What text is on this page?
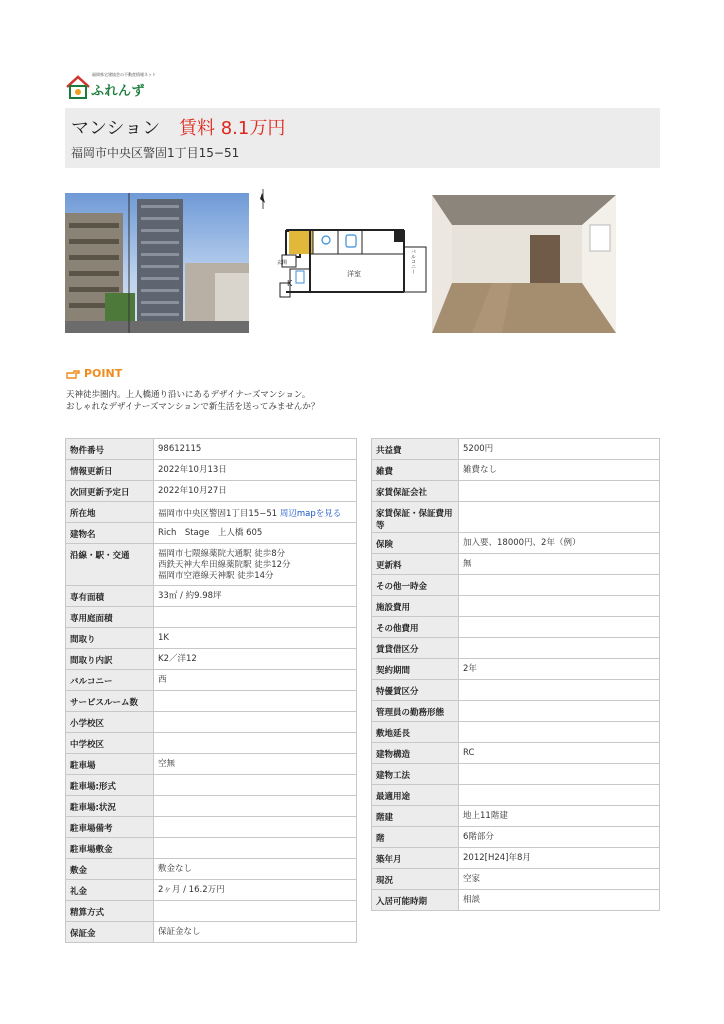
福岡県宅建協会の不動産情報ネット
ふれんず
マンション 賃料 8.1万円
福岡市中央区警固1丁目15−51
玄関
K
洋室	バルコニー
POINT
天神徒歩圏内。上人橋通り沿いにあるデザイナーズマンション。
おしゃれなデザイナーズマンションで新生活を送ってみませんか？
物件番号	98612115
情報更新日	2022年10月13日
次回更新予定日	2022年10月27日
所在地	福岡市中央区警固1丁目15−51 周辺mapを見る
建物名	Rich　Stage　上人橋 605
沿線・駅・交通	福岡市七隈線薬院大通駅 徒歩8分
西鉄天神大牟田線薬院駅 徒歩12分
福岡市空港線天神駅 徒歩14分
専有面積	33㎡ / 約9.98坪
専用庭面積	
間取り	1K
間取り内訳	K2／洋12
バルコニー	西
サービスルーム数	
小学校区	
中学校区	
駐車場	空無
駐車場:形式	
駐車場:状況	
駐車場備考	
駐車場敷金	
敷金	敷金なし
礼金	2ヶ月 / 16.2万円
精算方式	
保証金	保証金なし
共益費	5200円
雑費	雑費なし
家賃保証会社	
家賃保証・保証費用等	
保険	加入要、18000円、2年（例）
更新料	無
その他一時金	
施設費用	
その他費用	
賃貸借区分	
契約期間	2年
特優賃区分	
管理員の勤務形態	
敷地延長	
建物構造	RC
建物工法	
最適用途	
階建	地上11階建
階	6階部分
築年月	2012[H24]年8月
現況	空家
入居可能時期	相談
